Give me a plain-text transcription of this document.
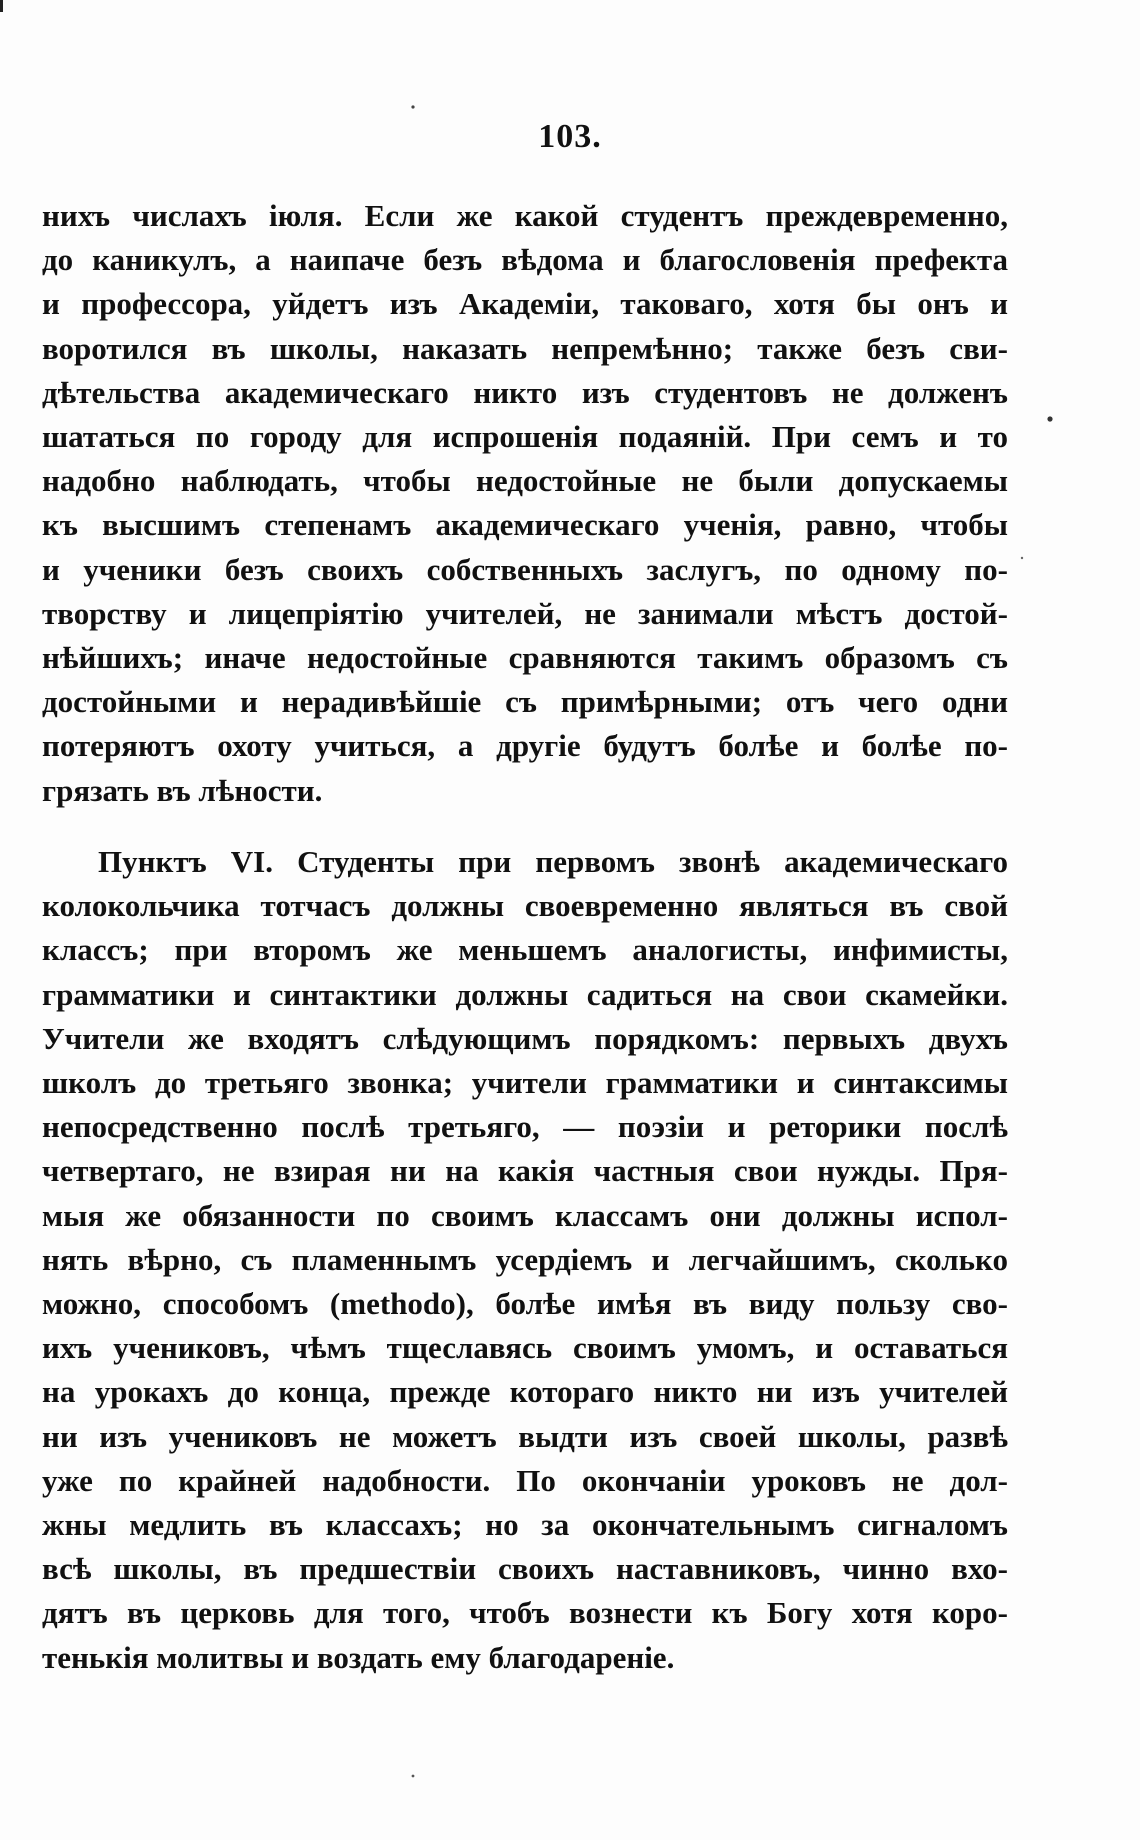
103.
нихъ числахъ іюля. Если же какой студентъ преждевременно,
до каникулъ, а наипаче безъ вѣдома и благословенія префекта
и профессора, уйдетъ изъ Академіи, таковаго, хотя бы онъ и
воротился въ школы, наказать непремѣнно; также безъ сви-
дѣтельства академическаго никто изъ студентовъ не долженъ
шататься по городу для испрошенія подаяній. При семъ и то
надобно наблюдать, чтобы недостойные не были допускаемы
къ высшимъ степенамъ академическаго ученія, равно, чтобы
и ученики безъ своихъ собственныхъ заслугъ, по одному по-
творству и лицепріятію учителей, не занимали мѣстъ достой-
нѣйшихъ; иначе недостойные сравняются такимъ образомъ съ
достойными и нерадивѣйшіе съ примѣрными; отъ чего одни
потеряютъ охоту учиться, а другіе будутъ болѣе и болѣе по-
грязать въ лѣности.
Пунктъ VI. Студенты при первомъ звонѣ академическаго
колокольчика тотчасъ должны своевременно являться въ свой
классъ; при второмъ же меньшемъ аналогисты, инфимисты,
грамматики и синтактики должны садиться на свои скамейки.
Учители же входятъ слѣдующимъ порядкомъ: первыхъ двухъ
школъ до третьяго звонка; учители грамматики и синтаксимы
непосредственно послѣ третьяго, — поэзіи и реторики послѣ
четвертаго, не взирая ни на какія частныя свои нужды. Пря-
мыя же обязанности по своимъ классамъ они должны испол-
нять вѣрно, съ пламеннымъ усердіемъ и легчайшимъ, сколько
можно, способомъ (methodo), болѣе имѣя въ виду пользу сво-
ихъ учениковъ, чѣмъ тщеславясь своимъ умомъ, и оставаться
на урокахъ до конца, прежде котораго никто ни изъ учителей
ни изъ учениковъ не можетъ выдти изъ своей школы, развѣ
уже по крайней надобности. По окончаніи уроковъ не дол-
жны медлить въ классахъ; но за окончательнымъ сигналомъ
всѣ школы, въ предшествіи своихъ наставниковъ, чинно вхо-
дятъ въ церковь для того, чтобъ вознести къ Богу хотя коро-
тенькія молитвы и воздать ему благодареніе.
